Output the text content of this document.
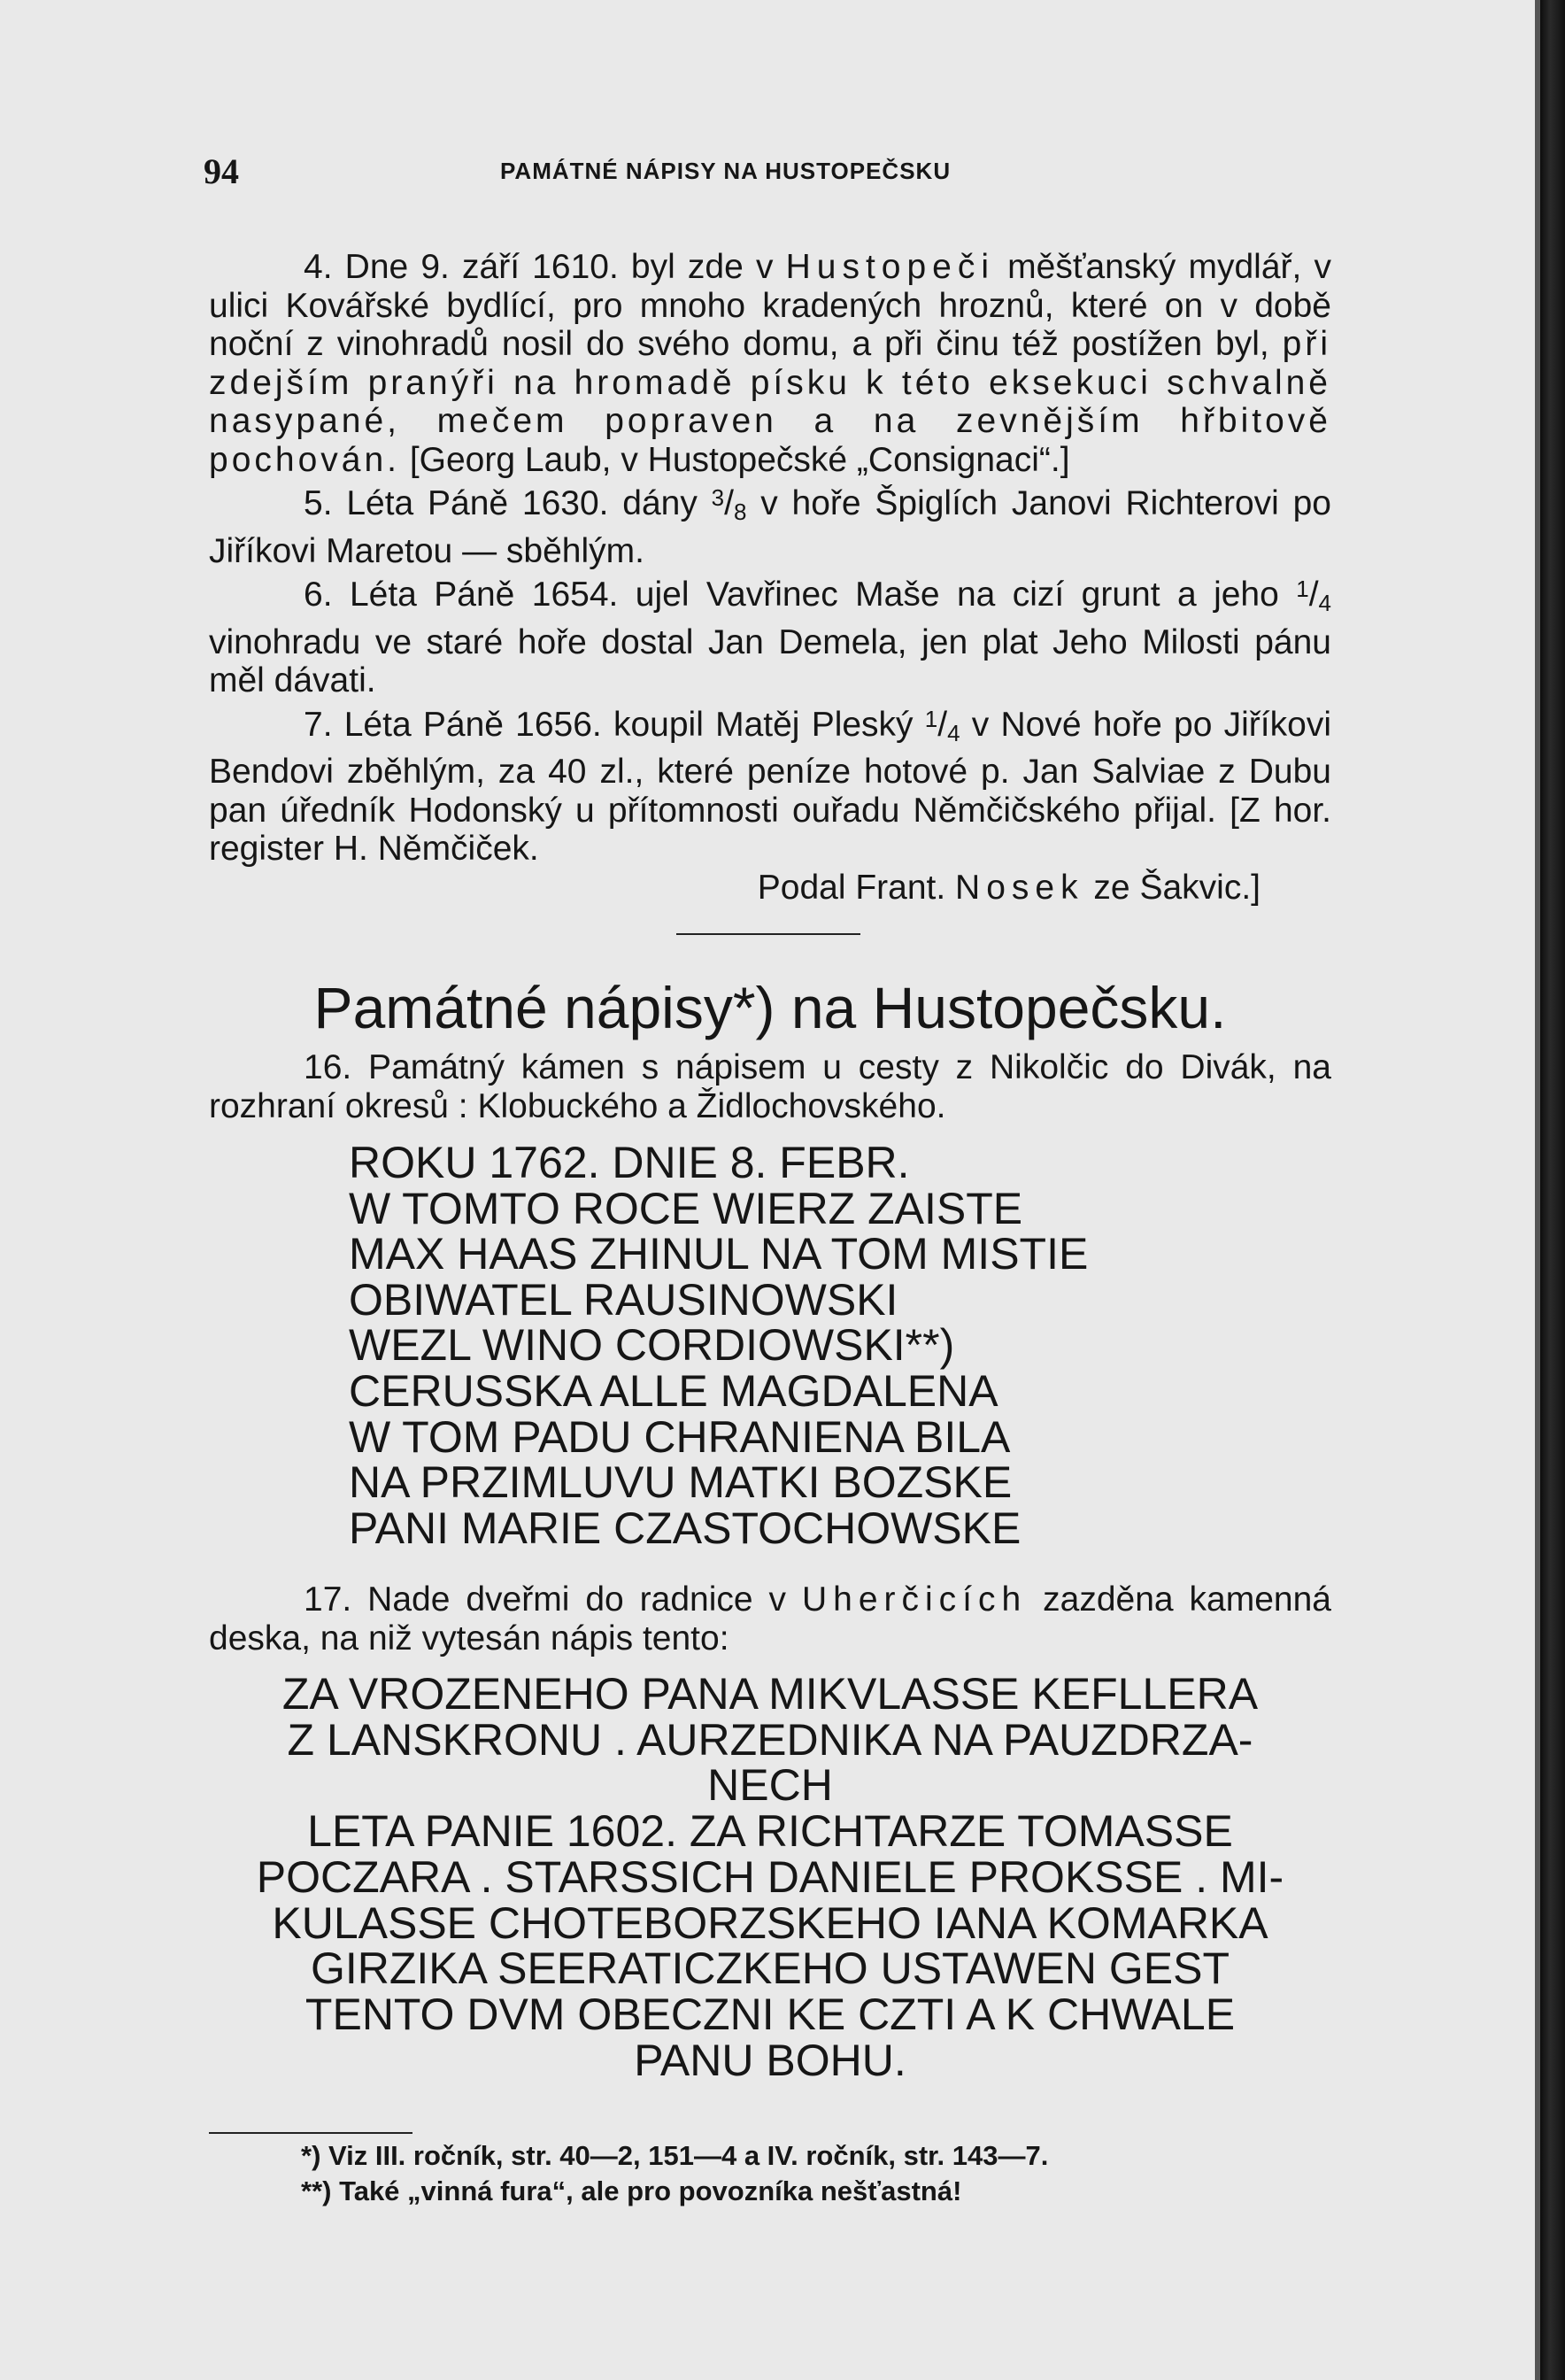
94	PAMÁTNÉ NÁPISY NA HUSTOPEČSKU

4. Dne 9. září 1610. byl zde v Hustopeči měšťanský mydlář, v ulici Kovářské bydlící, pro mnoho kradených hroznů, které on v době noční z vinohradů nosil do svého domu, a při činu též postížen byl, při zdejším pranýři na hromadě písku k této eksekuci schvalně nasypané, mečem popraven a na zevnějším hřbitově pochován. [Georg Laub, v Hustopečské „Consignaci“.]

5. Léta Páně 1630. dány $^3$/8 v hoře Špiglích Janovi Richterovi po Jiříkovi Maretou — sběhlým.

6. Léta Páně 1654. ujel Vavřinec Maše na cizí grunt a jeho $^1$/4 vinohradu ve staré hoře dostal Jan Demela, jen plat Jeho Milosti pánu měl dávati.

7. Léta Páně 1656. koupil Matěj Pleský $^1$/4 v Nové hoře po Jiříkovi Bendovi zběhlým, za 40 zl., které peníze hotové p. Jan Salviae z Dubu pan úředník Hodonský u přítomnosti ouřadu Němčičského přijal. [Z hor. register H. Němčiček.

Podal Frant. Nosek ze Šakvic.]

Památné nápisy*) na Hustopečsku.

16. Památný kámen s nápisem u cesty z Nikolčic do Divák, na rozhraní okresů : Klobuckého a Židlochovského.

ROKU 1762. DNIE 8. FEBR.
W TOMTO ROCE WIERZ ZAISTE
MAX HAAS ZHINUL NA TOM MISTIE
OBIWATEL RAUSINOWSKI
WEZL WINO CORDIOWSKI**)
CERUSSKA ALLE MAGDALENA
W TOM PADU CHRANIENA BILA
NA PRZIMLUVU MATKI BOZSKE
PANI MARIE CZASTOCHOWSKE

17. Nade dveřmi do radnice v Uherčicích zazděna kamenná deska, na niž vytesán nápis tento:

ZA VROZENEHO PANA MIKVLASSE KEFLLERA
Z LANSKRONU . AURZEDNIKA NA PAUZDRZA-
NECH
LETA PANIE 1602. ZA RICHTARZE TOMASSE
POCZARA . STARSSICH DANIELE PROKSSE . MI-
KULASSE CHOTEBORZSKEHO IANA KOMARKA
GIRZIKA SEERATICZKEHO USTAWEN GEST
TENTO DVM OBECZNI KE CZTI A K CHWALE
PANU BOHU.
*) Viz III. ročník, str. 40—2, 151—4 a IV. ročník, str. 143—7.
**) Také „vinná fura“, ale pro povozníka nešťastná!
